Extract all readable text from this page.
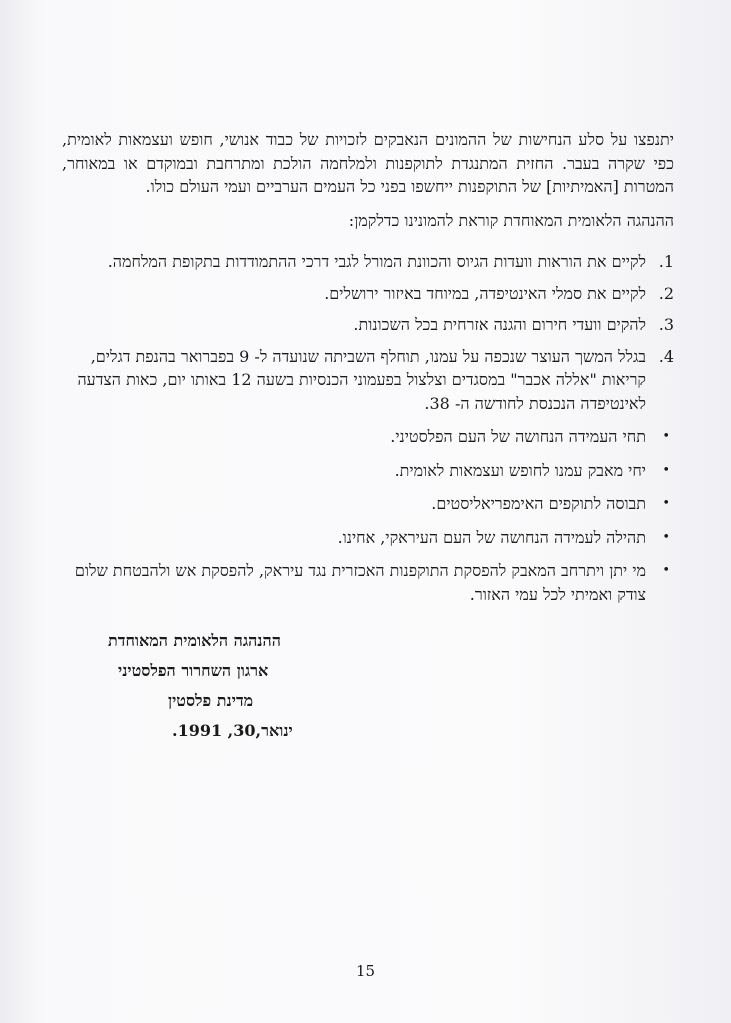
יתנפצו על סלע הנחישות של ההמונים הנאבקים לזכויות של כבוד אנושי, חופש ועצמאות לאומית, כפי שקרה בעבר. החזית המתנגדת לתוקפנות ולמלחמה הולכת ומתרחבת ובמוקדם או במאוחר, המטרות [האמיתיות] של התוקפנות ייחשפו בפני כל העמים הערביים ועמי העולם כולו.

ההנהגה הלאומית המאוחדת קוראת להמונינו כדלקמן:

1.
לקיים את הוראות וועדות הגיוס והכוונת המורל לגבי דרכי ההתמודדות בתקופת המלחמה.
2.
לקיים את סמלי האינטיפדה, במיוחד באיזור ירושלים.
3.
להקים וועדי חירום והגנה אזרחית בכל השכונות.
4.
בגלל המשך העוצר שנכפה על עמנו, תוחלף השביתה שנועדה ל- 9 בפברואר בהנפת דגלים, קריאות "אללה אכבר" במסגדים וצלצול בפעמוני הכנסיות בשעה 12 באותו יום, כאות הצדעה לאינטיפדה הנכנסת לחודשה ה- 38.
•
תחי העמידה הנחושה של העם הפלסטיני.
•
יחי מאבק עמנו לחופש ועצמאות לאומית.
•
תבוסה לתוקפים האימפריאליסטים.
•
תהילה לעמידה הנחושה של העם העיראקי, אחינו.
•
מי יתן ויתרחב המאבק להפסקת התוקפנות האכזרית נגד עיראק, להפסקת אש ולהבטחת שלום צודק ואמיתי לכל עמי האזור.
ההנהגה הלאומית המאוחדת
ארגון השחרור הפלסטיני
מדינת פלסטין
ינואר,30, 1991.
15
